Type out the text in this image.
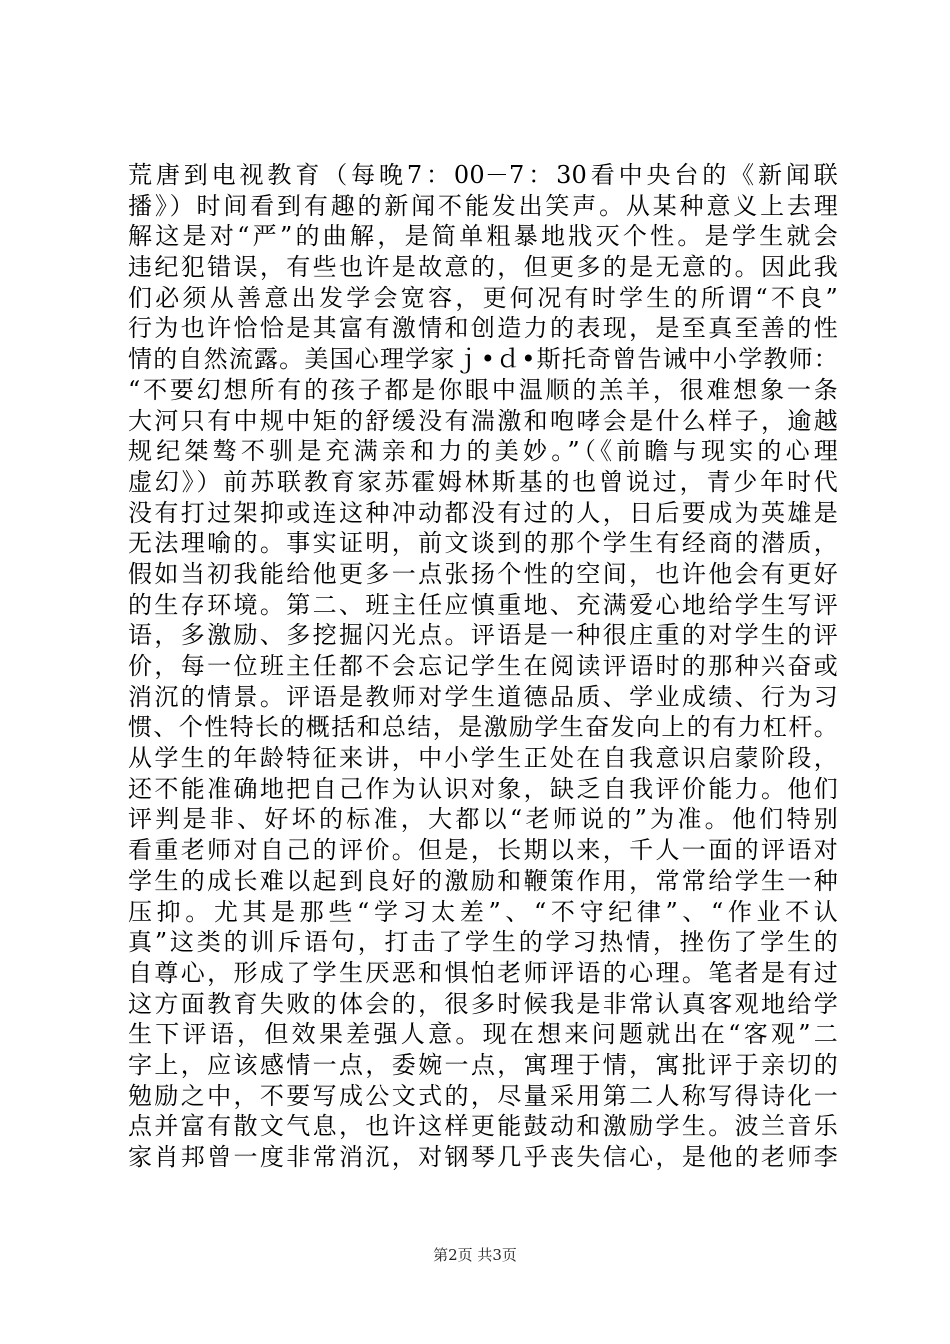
荒唐到电视教育（每晚7：00－7：30看中央台的《新闻联
播》）时间看到有趣的新闻不能发出笑声。从某种意义上去理
解这是对“严”的曲解，是简单粗暴地戕灭个性。是学生就会
违纪犯错误，有些也许是故意的，但更多的是无意的。因此我
们必须从善意出发学会宽容，更何况有时学生的所谓“不良”
行为也许恰恰是其富有激情和创造力的表现，是至真至善的性
情的自然流露。美国心理学家ｊ•ｄ•斯托奇曾告诫中小学教师：
“不要幻想所有的孩子都是你眼中温顺的羔羊，很难想象一条
大河只有中规中矩的舒缓没有湍激和咆哮会是什么样子，逾越
规纪桀骜不驯是充满亲和力的美妙。”（《前瞻与现实的心理
虚幻》）前苏联教育家苏霍姆林斯基的也曾说过，青少年时代
没有打过架抑或连这种冲动都没有过的人，日后要成为英雄是
无法理喻的。事实证明，前文谈到的那个学生有经商的潜质，
假如当初我能给他更多一点张扬个性的空间，也许他会有更好
的生存环境。第二、班主任应慎重地、充满爱心地给学生写评
语，多激励、多挖掘闪光点。评语是一种很庄重的对学生的评
价，每一位班主任都不会忘记学生在阅读评语时的那种兴奋或
消沉的情景。评语是教师对学生道德品质、学业成绩、行为习
惯、个性特长的概括和总结，是激励学生奋发向上的有力杠杆。
从学生的年龄特征来讲，中小学生正处在自我意识启蒙阶段，
还不能准确地把自己作为认识对象，缺乏自我评价能力。他们
评判是非、好坏的标准，大都以“老师说的”为准。他们特别
看重老师对自己的评价。但是，长期以来，千人一面的评语对
学生的成长难以起到良好的激励和鞭策作用，常常给学生一种
压抑。尤其是那些“学习太差”、“不守纪律”、“作业不认
真”这类的训斥语句，打击了学生的学习热情，挫伤了学生的
自尊心，形成了学生厌恶和惧怕老师评语的心理。笔者是有过
这方面教育失败的体会的，很多时候我是非常认真客观地给学
生下评语，但效果差强人意。现在想来问题就出在“客观”二
字上，应该感情一点，委婉一点，寓理于情，寓批评于亲切的
勉励之中，不要写成公文式的，尽量采用第二人称写得诗化一
点并富有散文气息，也许这样更能鼓动和激励学生。波兰音乐
家肖邦曾一度非常消沉，对钢琴几乎丧失信心，是他的老师李
第2页 共3页
